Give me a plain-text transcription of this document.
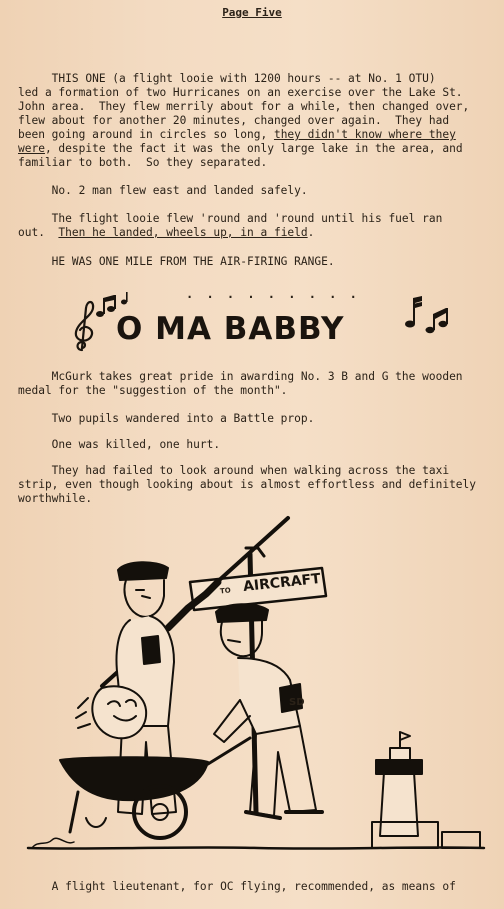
Page Five
THIS ONE (a flight looie with 1200 hours -- at No. 1 OTU)
led a formation of two Hurricanes on an exercise over the Lake St.
John area.  They flew merrily about for a while, then changed over,
flew about for another 20 minutes, changed over again.  They had
been going around in circles so long, they didn't know where they
were, despite the fact it was the only large lake in the area, and
familiar to both.  So they separated.
No. 2 man flew east and landed safely.
The flight looie flew 'round and 'round until his fuel ran
out.  Then he landed, wheels up, in a field.
HE WAS ONE MILE FROM THE AIR-FIRING RANGE.
. . . . . . . . .
O MA BABBY
McGurk takes great pride in awarding No. 3 B and G the wooden
medal for the "suggestion of the month".
Two pupils wandered into a Battle prop.
One was killed, one hurt.
They had failed to look around when walking across the taxi
strip, even though looking about is almost effortless and definitely
worthwhile.
TO AIRCRAFT
SD
A flight lieutenant, for OC flying, recommended, as means of
